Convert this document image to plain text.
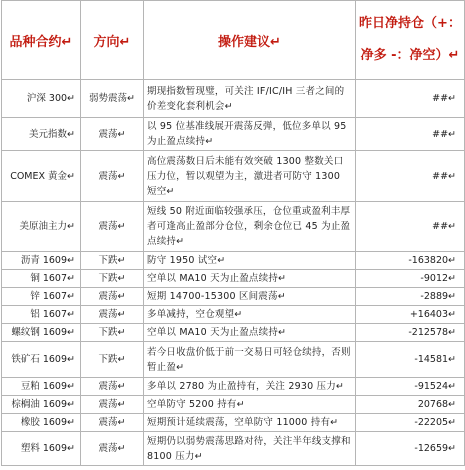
品种合约↵	方向↵	操作建议↵	昨日净持仓（+：
净多 -：净空）↵

沪深 300↵	弱势震荡↵	期现指数暂现璧，可关注 IF/IC/IH 三者之间的价差变化套利机会↵	##↵
美元指数↵	震荡↵	以 95 位基准线展开震荡反弹，低位多单以 95 为止盈点续持↵	##↵
COMEX 黄金↵	震荡↵	高位震荡数日后未能有效突破 1300 整数关口压力位，暂以观望为主，激进者可防守 1300 短空↵	##↵
美原油主力↵	震荡↵	短线 50 附近面临较强承压，仓位重或盈利丰厚者可逢高止盈部分仓位，剩余仓位已 45 为止盈点续持↵	##↵
沥青 1609↵	下跌↵	防守 1950 试空↵	-163820↵
铜 1607↵	下跌↵	空单以 MA10 天为止盈点续持↵	-9012↵
锌 1607↵	震荡↵	短期 14700-15300 区间震荡↵	-2889↵
铝 1607↵	震荡↵	多单减持，空仓观望↵	+16403↵
螺纹钢 1609↵	下跌↵	空单以 MA10 天为止盈点续持↵	-212578↵
铁矿石 1609↵	下跌↵	若今日收盘价低于前一交易日可轻仓续持，否则暂止盈↵	-14581↵
豆粕 1609↵	震荡↵	多单以 2780 为止盈持有，关注 2930 压力↵	-91524↵
棕榈油 1609↵	震荡↵	空单防守 5200 持有↵	20768↵
橡胶 1609↵	震荡↵	短期预计延续震荡，空单防守 11000 持有↵	-22205↵
塑料 1609↵	震荡↵	短期仍以弱势震荡思路对待，关注半年线支撑和 8100 压力↵	-12659↵
